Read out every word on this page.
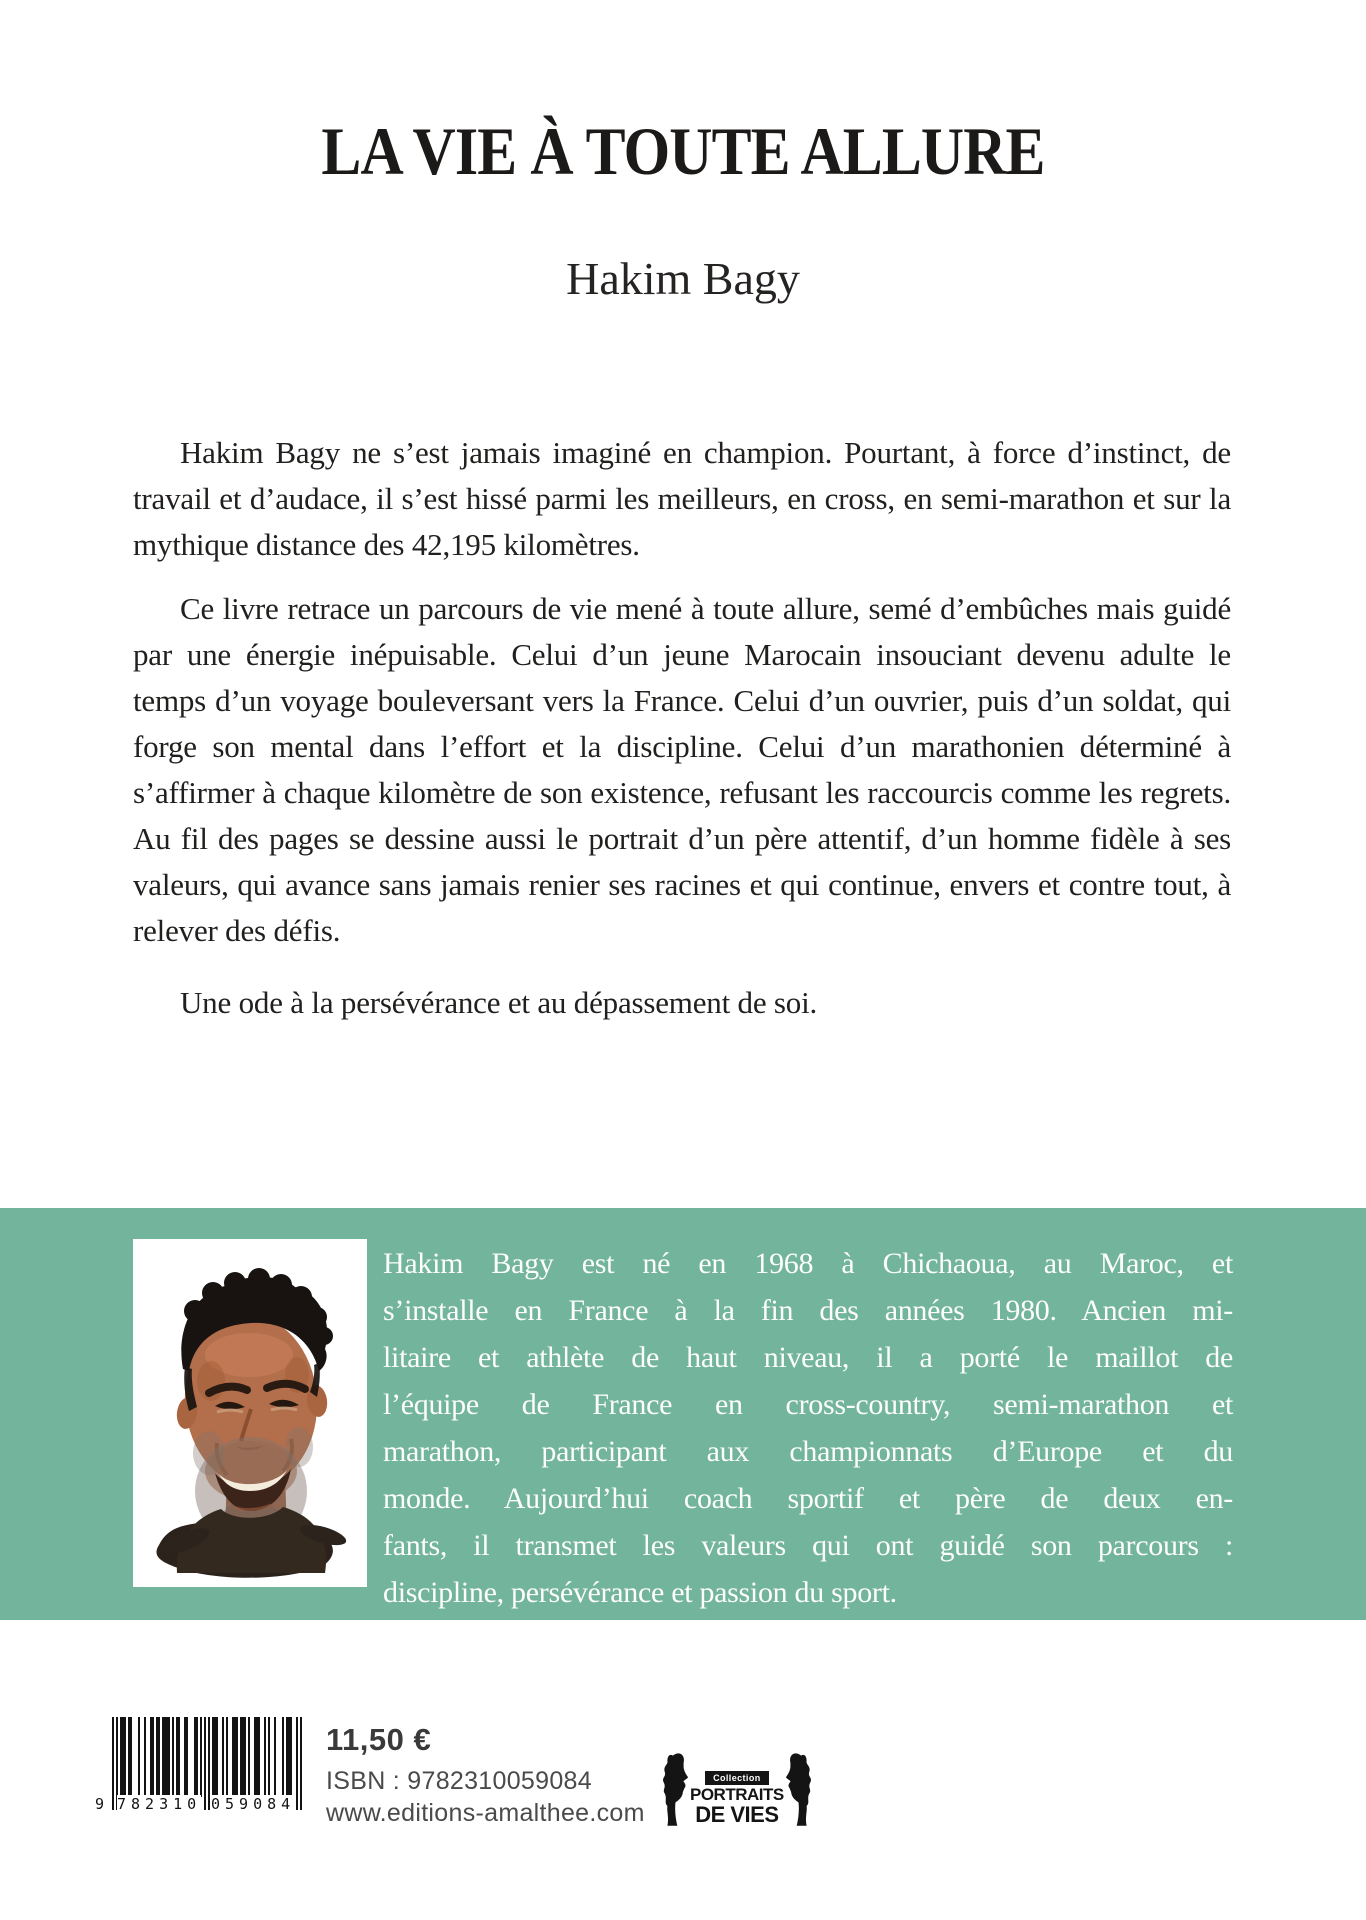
LA VIE À TOUTE ALLURE
Hakim Bagy

Hakim Bagy ne s’est jamais imaginé en champion. Pourtant, à force d’instinct, de travail et d’audace, il s’est hissé parmi les meilleurs, en cross, en semi-marathon et sur la mythique distance des 42,195 kilomètres.

Ce livre retrace un parcours de vie mené à toute allure, semé d’embûches mais guidé par une énergie inépuisable. Celui d’un jeune Marocain insouciant devenu adulte le temps d’un voyage bouleversant vers la France. Celui d’un ouvrier, puis d’un soldat, qui forge son mental dans l’effort et la discipline. Celui d’un marathonien déterminé à s’affirmer à chaque kilomètre de son existence, refusant les raccourcis comme les regrets. Au fil des pages se dessine aussi le portrait d’un père attentif, d’un homme fidèle à ses valeurs, qui avance sans jamais renier ses racines et qui continue, envers et contre tout, à relever des défis.

Une ode à la persévérance et au dépassement de soi.

Hakim Bagy est né en 1968 à Chichaoua, au Maroc, et
s’installe en France à la fin des années 1980. Ancien mi-
litaire et athlète de haut niveau, il a porté le maillot de
l’équipe de France en cross-country, semi-marathon et
marathon, participant aux championnats d’Europe et du
monde. Aujourd’hui coach sportif et père de deux en-
fants, il transmet les valeurs qui ont guidé son parcours :
discipline, persévérance et passion du sport.
9 782310 059084
11,50 €
ISBN : 9782310059084
www.editions-amalthee.com
Collection
PORTRAITS
DE VIES
